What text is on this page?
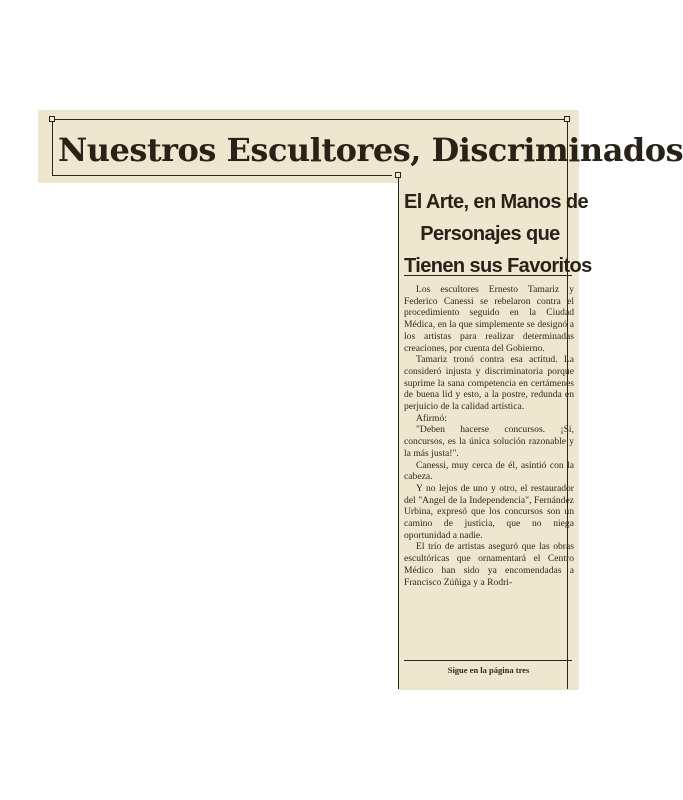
Nuestros Escultores, Discriminados
El Arte, en Manos de
Personajes que
Tienen sus Favoritos

Los escultores Ernesto Tamariz y Federico Canessi se rebelaron contra el procedimiento seguido en la Ciudad Médica, en la que simplemente se designó a los artistas para realizar determinadas creaciones, por cuenta del Gobierno.

Tamariz tronó contra esa actitud. La consideró injusta y discriminatoria porque suprime la sana competencia en certámenes de buena lid y esto, a la postre, redunda en perjuicio de la calidad artística.

Afirmó:

"Deben hacerse concursos. ¡Sí, concursos, es la única solución razonable y la más justa!".

Canessi, muy cerca de él, asintió con la cabeza.

Y no lejos de uno y otro, el restaurador del "Angel de la Independencia", Fernández Urbina, expresó que los concursos son un camino de justicia, que no niega oportunidad a nadie.

El trío de artistas aseguró que las obras escultóricas que ornamentará el Centro Médico han sido ya encomendadas a Francisco Zúñiga y a Rodri-

Sigue en la página tres
